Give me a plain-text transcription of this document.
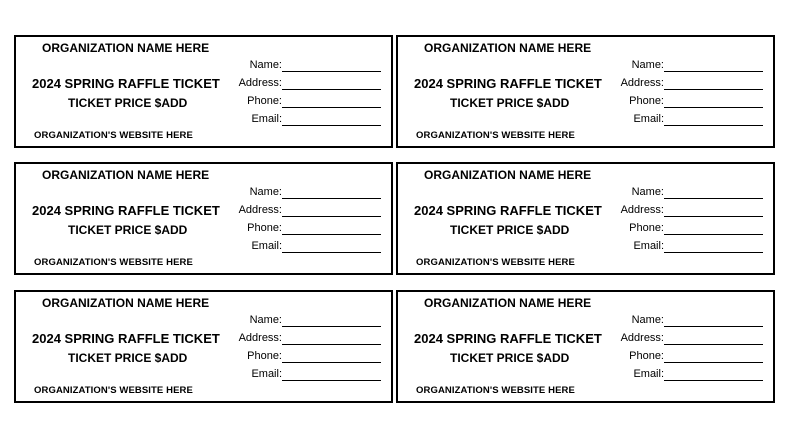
ORGANIZATION NAME HERE
2024 SPRING RAFFLE TICKET
TICKET PRICE $ADD
ORGANIZATION'S WEBSITE HERE
Name:
Address:
Phone:
Email:
ORGANIZATION NAME HERE
2024 SPRING RAFFLE TICKET
TICKET PRICE $ADD
ORGANIZATION'S WEBSITE HERE
Name:
Address:
Phone:
Email:
ORGANIZATION NAME HERE
2024 SPRING RAFFLE TICKET
TICKET PRICE $ADD
ORGANIZATION'S WEBSITE HERE
Name:
Address:
Phone:
Email:
ORGANIZATION NAME HERE
2024 SPRING RAFFLE TICKET
TICKET PRICE $ADD
ORGANIZATION'S WEBSITE HERE
Name:
Address:
Phone:
Email:
ORGANIZATION NAME HERE
2024 SPRING RAFFLE TICKET
TICKET PRICE $ADD
ORGANIZATION'S WEBSITE HERE
Name:
Address:
Phone:
Email:
ORGANIZATION NAME HERE
2024 SPRING RAFFLE TICKET
TICKET PRICE $ADD
ORGANIZATION'S WEBSITE HERE
Name:
Address:
Phone:
Email:
